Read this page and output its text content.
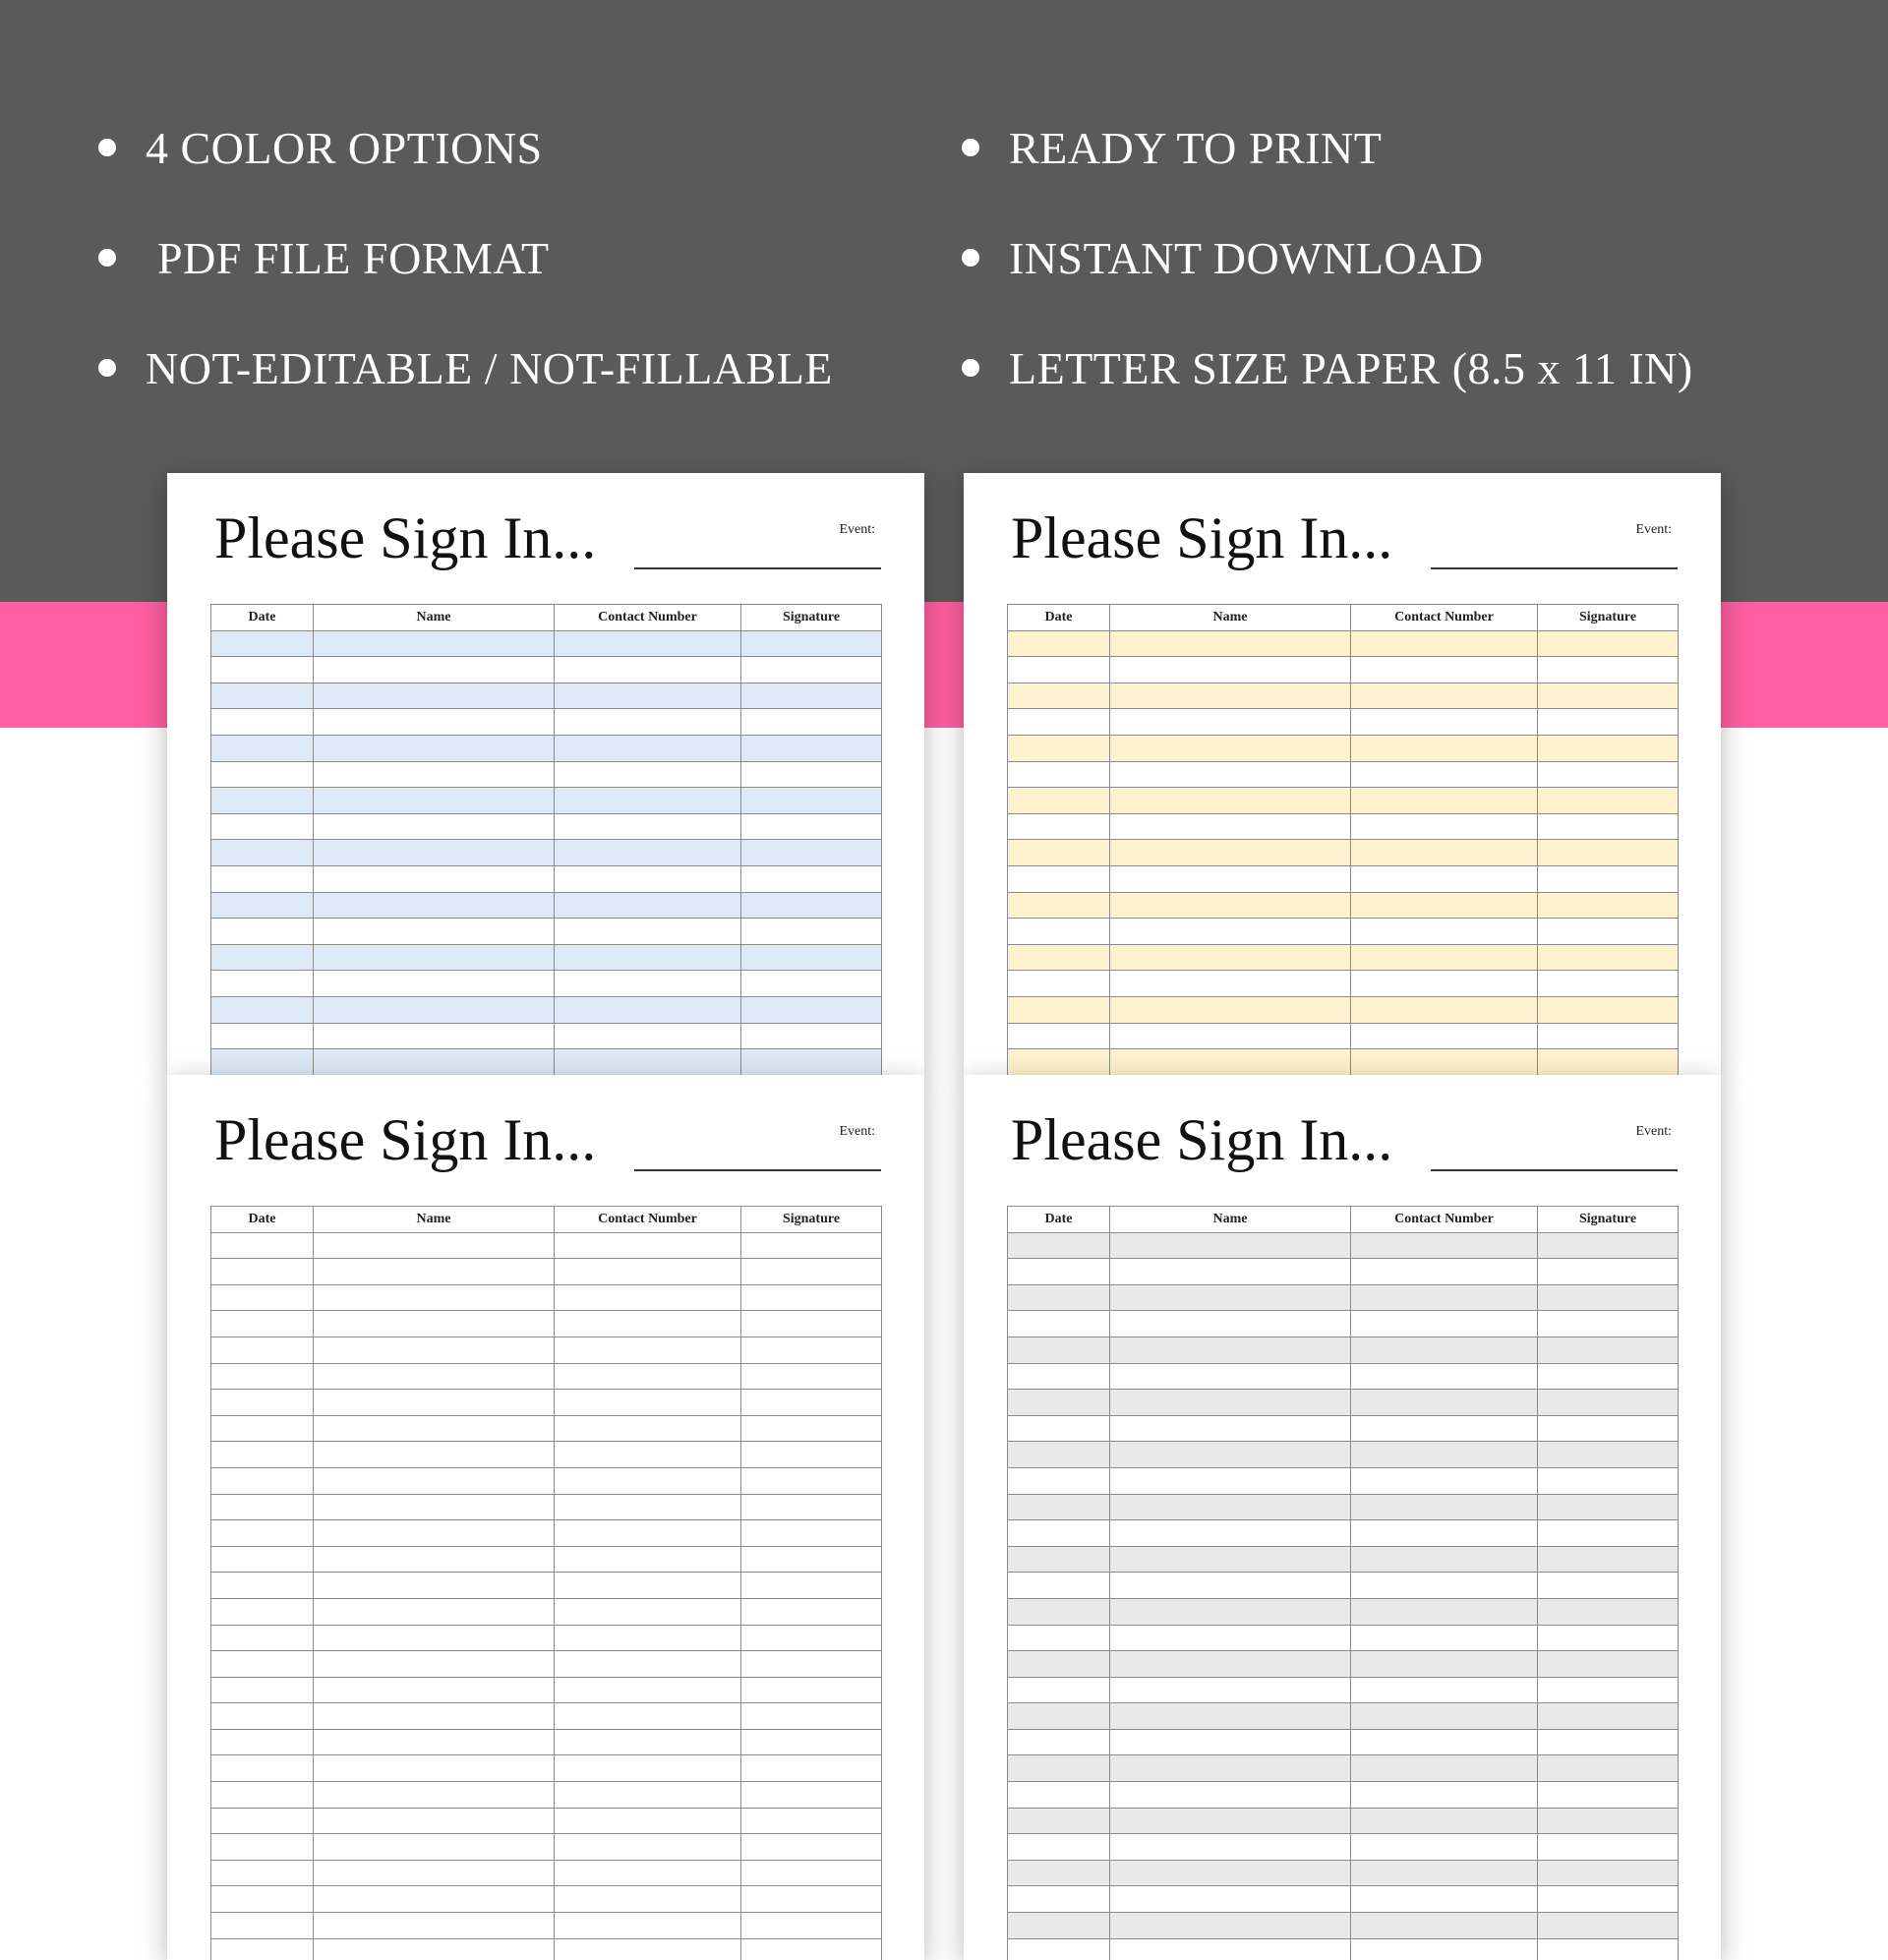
4 COLOR OPTIONS
PDF FILE FORMAT
NOT-EDITABLE / NOT-FILLABLE
READY TO PRINT
INSTANT DOWNLOAD
LETTER SIZE PAPER (8.5 x 11 IN)
Please Sign In...	Event:
Date	Name	Contact Number	Signature

Please Sign In...	Event:
Date	Name	Contact Number	Signature

Please Sign In...	Event:
Date	Name	Contact Number	Signature

Please Sign In...	Event:
Date	Name	Contact Number	Signature
